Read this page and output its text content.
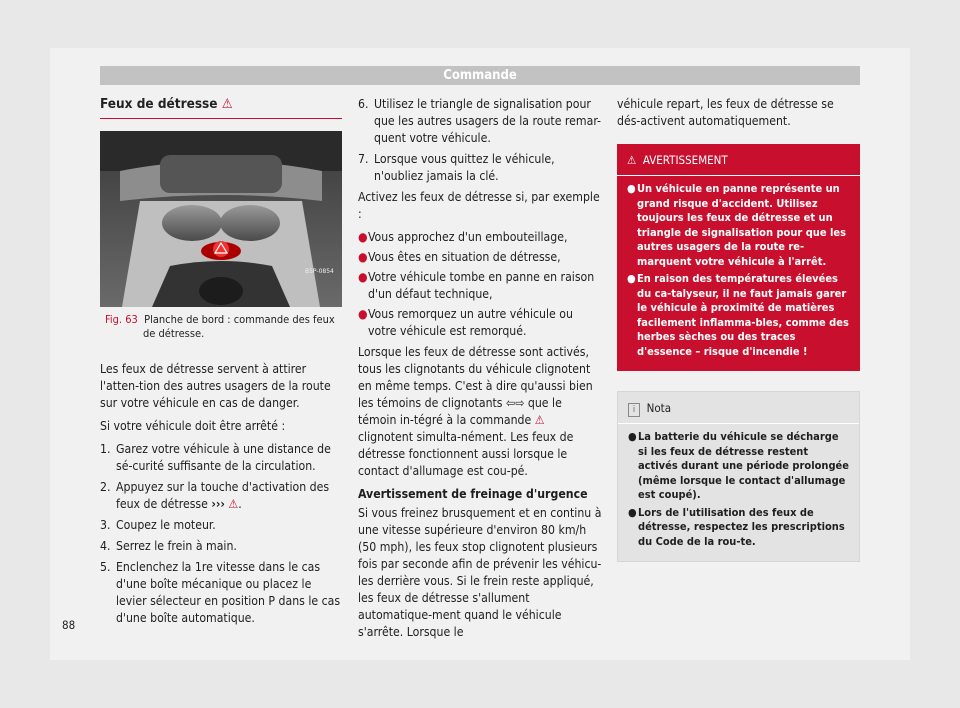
Commande
Feux de détresse ⚠
B5P-0854
Fig. 63 Planche de bord : commande des feux de détresse.

Les feux de détresse servent à attirer l'atten-tion des autres usagers de la route sur votre véhicule en cas de danger.

Si votre véhicule doit être arrêté :

1. Garez votre véhicule à une distance de sé-curité suffisante de la circulation.
2. Appuyez sur la touche d'activation des feux de détresse ››› ⚠.
3. Coupez le moteur.
4. Serrez le frein à main.
5. Enclenchez la 1re vitesse dans le cas d'une boîte mécanique ou placez le levier sélecteur en position P dans le cas d'une boîte automatique.
6. Utilisez le triangle de signalisation pour que les autres usagers de la route remar-quent votre véhicule.
7. Lorsque vous quittez le véhicule, n'oubliez jamais la clé.

Activez les feux de détresse si, par exemple :

● Vous approchez d'un embouteillage,
● Vous êtes en situation de détresse,
● Votre véhicule tombe en panne en raison d'un défaut technique,
● Vous remorquez un autre véhicule ou votre véhicule est remorqué.

Lorsque les feux de détresse sont activés, tous les clignotants du véhicule clignotent en même temps. C'est à dire qu'aussi bien les témoins de clignotants ⇦⇨ que le témoin in-tégré à la commande ⚠ clignotent simulta-nément. Les feux de détresse fonctionnent aussi lorsque le contact d'allumage est cou-pé.

Avertissement de freinage d'urgence

Si vous freinez brusquement et en continu à une vitesse supérieure d'environ 80 km/h (50 mph), les feux stop clignotent plusieurs fois par seconde afin de prévenir les véhicu-les derrière vous. Si le frein reste appliqué, les feux de détresse s'allument automatique-ment quand le véhicule s'arrête. Lorsque le

véhicule repart, les feux de détresse se dés-activent automatiquement.

⚠ AVERTISSEMENT
● Un véhicule en panne représente un grand risque d'accident. Utilisez toujours les feux de détresse et un triangle de signalisation pour que les autres usagers de la route re-marquent votre véhicule à l'arrêt.
● En raison des températures élevées du ca-talyseur, il ne faut jamais garer le véhicule à proximité de matières facilement inflamma-bles, comme des herbes sèches ou des traces d'essence – risque d'incendie !
i Nota
● La batterie du véhicule se décharge si les feux de détresse restent activés durant une période prolongée (même lorsque le contact d'allumage est coupé).
● Lors de l'utilisation des feux de détresse, respectez les prescriptions du Code de la rou-te.
88
